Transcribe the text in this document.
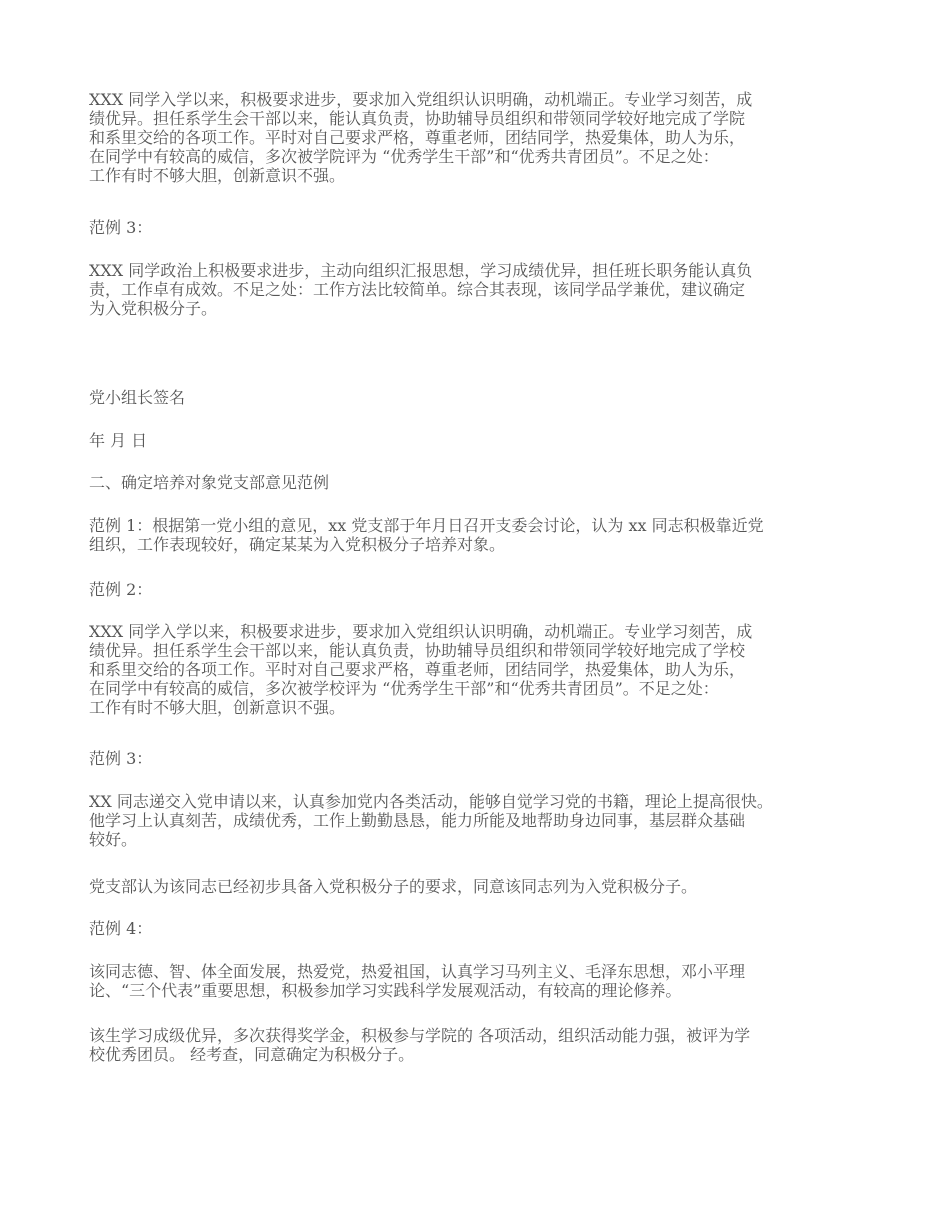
XXX 同学入学以来，积极要求进步，要求加入党组织认识明确，动机端正。专业学习刻苦，成
绩优异。担任系学生会干部以来，能认真负责，协助辅导员组织和带领同学较好地完成了学院
和系里交给的各项工作。平时对自己要求严格，尊重老师，团结同学，热爱集体，助人为乐，
在同学中有较高的威信，多次被学院评为 “优秀学生干部”和“优秀共青团员”。不足之处：
工作有时不够大胆，创新意识不强。

范例 3：

XXX 同学政治上积极要求进步，主动向组织汇报思想，学习成绩优异，担任班长职务能认真负
责，工作卓有成效。不足之处：工作方法比较简单。综合其表现，该同学品学兼优，建议确定
为入党积极分子。

党小组长签名

年 月 日

二、确定培养对象党支部意见范例

范例 1：根据第一党小组的意见，xx 党支部于年月日召开支委会讨论，认为 xx 同志积极靠近党
组织，工作表现较好，确定某某为入党积极分子培养对象。

范例 2：

XXX 同学入学以来，积极要求进步，要求加入党组织认识明确，动机端正。专业学习刻苦，成
绩优异。担任系学生会干部以来，能认真负责，协助辅导员组织和带领同学较好地完成了学校
和系里交给的各项工作。平时对自己要求严格，尊重老师，团结同学，热爱集体，助人为乐，
在同学中有较高的威信，多次被学校评为 “优秀学生干部”和“优秀共青团员”。不足之处：
工作有时不够大胆，创新意识不强。

范例 3：

XX 同志递交入党申请以来，认真参加党内各类活动，能够自觉学习党的书籍，理论上提高很快。
他学习上认真刻苦，成绩优秀，工作上勤勤恳恳，能力所能及地帮助身边同事，基层群众基础
较好。

党支部认为该同志已经初步具备入党积极分子的要求，同意该同志列为入党积极分子。

范例 4：

该同志德、智、体全面发展，热爱党，热爱祖国，认真学习马列主义、毛泽东思想，邓小平理
论、“三个代表”重要思想，积极参加学习实践科学发展观活动，有较高的理论修养。

该生学习成级优异，多次获得奖学金，积极参与学院的 各项活动，组织活动能力强，被评为学
校优秀团员。 经考查，同意确定为积极分子。
